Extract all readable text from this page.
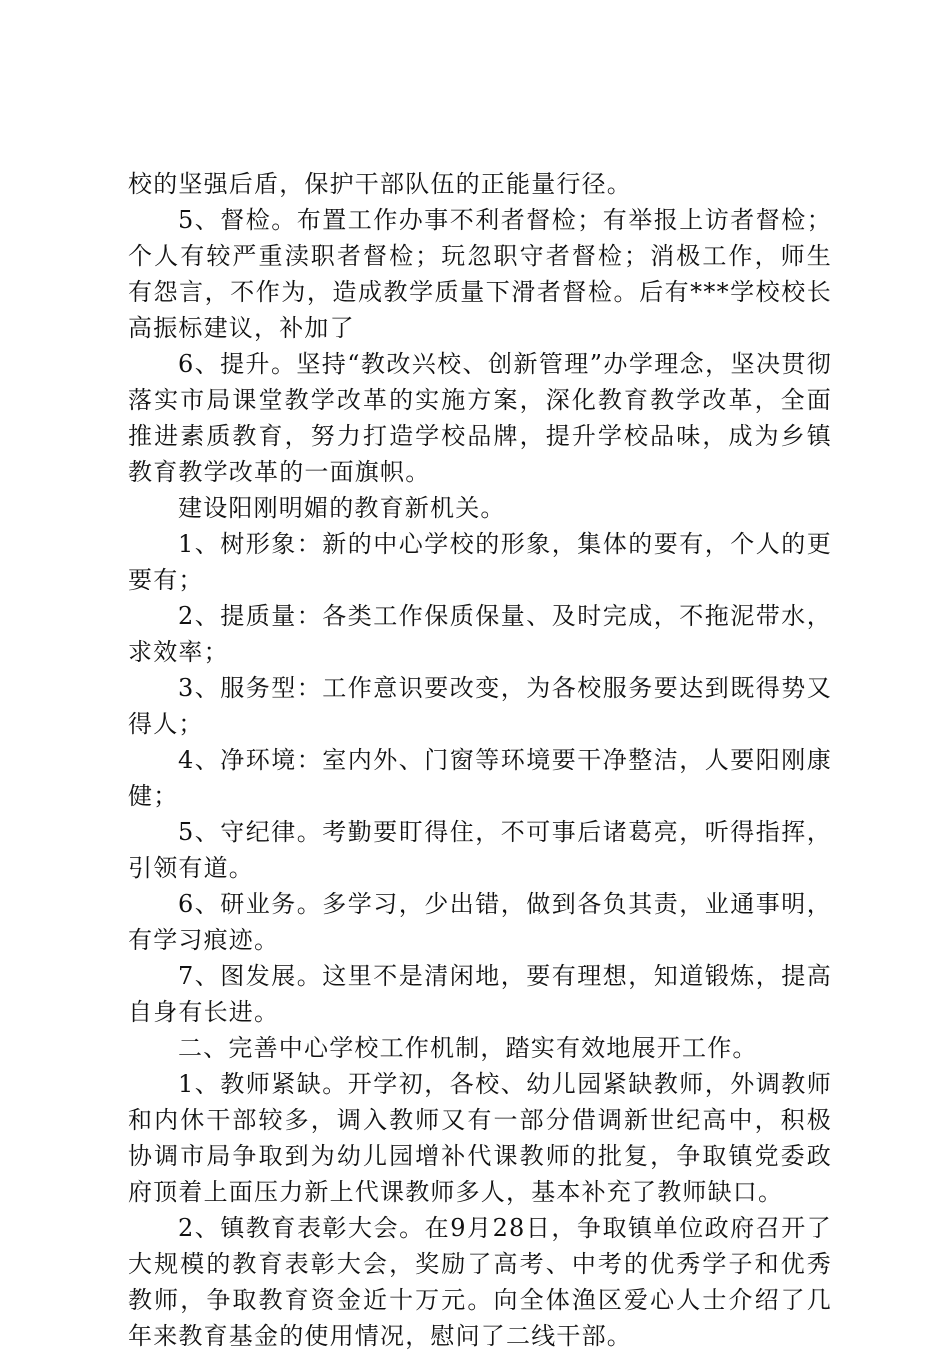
校的坚强后盾，保护干部队伍的正能量行径。

5、督检。布置工作办事不利者督检；有举报上访者督检；个人有较严重渎职者督检；玩忽职守者督检；消极工作，师生有怨言，不作为，造成教学质量下滑者督检。后有***学校校长高振标建议，补加了

6、提升。坚持“教改兴校、创新管理”办学理念，坚决贯彻落实市局课堂教学改革的实施方案，深化教育教学改革，全面推进素质教育，努力打造学校品牌，提升学校品味，成为乡镇教育教学改革的一面旗帜。

建设阳刚明媚的教育新机关。

1、树形象：新的中心学校的形象，集体的要有，个人的更要有；

2、提质量：各类工作保质保量、及时完成，不拖泥带水，求效率；

3、服务型：工作意识要改变，为各校服务要达到既得势又得人；

4、净环境：室内外、门窗等环境要干净整洁，人要阳刚康健；

5、守纪律。考勤要盯得住，不可事后诸葛亮，听得指挥，引领有道。

6、研业务。多学习，少出错，做到各负其责，业通事明，有学习痕迹。

7、图发展。这里不是清闲地，要有理想，知道锻炼，提高自身有长进。

二、完善中心学校工作机制，踏实有效地展开工作。

1、教师紧缺。开学初，各校、幼儿园紧缺教师，外调教师和内休干部较多，调入教师又有一部分借调新世纪高中，积极协调市局争取到为幼儿园增补代课教师的批复，争取镇党委政府顶着上面压力新上代课教师多人，基本补充了教师缺口。

2、镇教育表彰大会。在9月28日，争取镇单位政府召开了大规模的教育表彰大会，奖励了高考、中考的优秀学子和优秀教师，争取教育资金近十万元。向全体渔区爱心人士介绍了几年来教育基金的使用情况，慰问了二线干部。
